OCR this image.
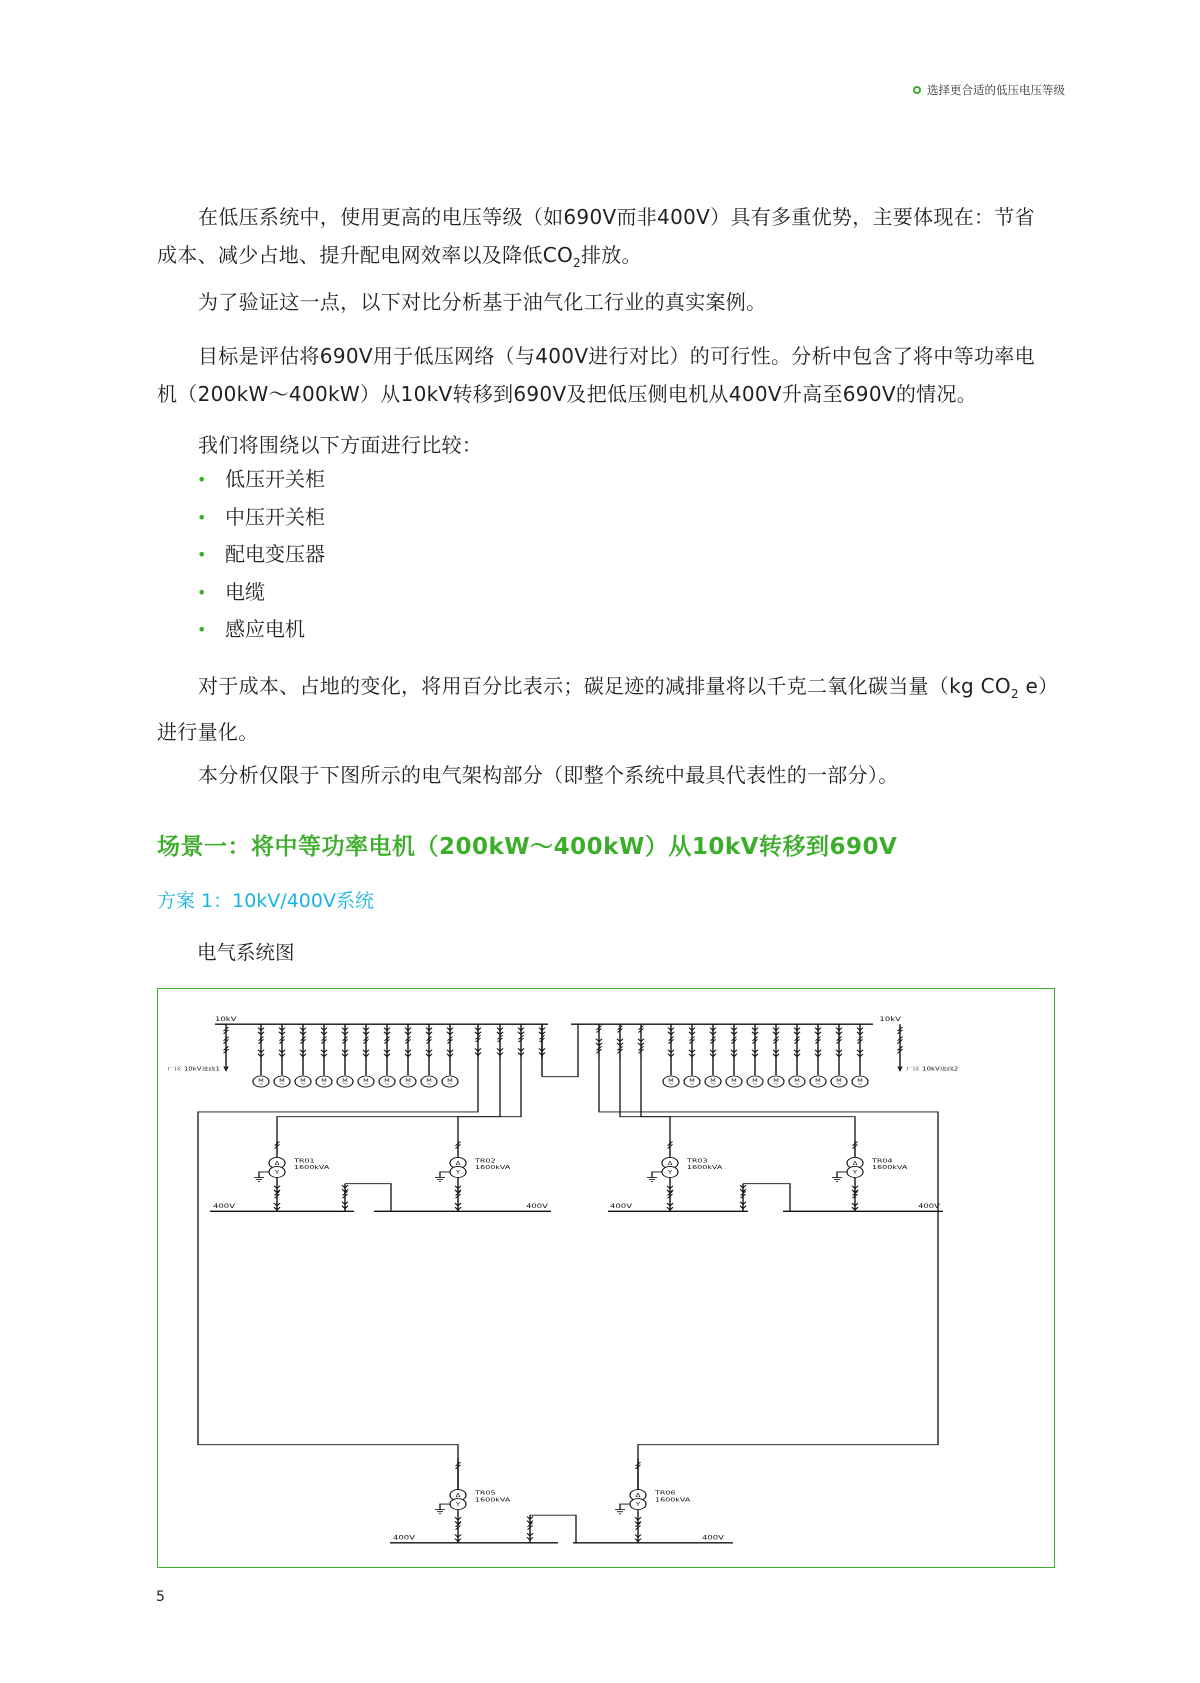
选择更合适的低压电压等级
在低压系统中，使用更高的电压等级（如690V而非400V）具有多重优势，主要体现在：节省成本、减少占地、提升配电网效率以及降低$CO_2$排放。
为了验证这一点，以下对比分析基于油气化工行业的真实案例。
目标是评估将690V用于低压网络（与400V进行对比）的可行性。分析中包含了将中等功率电机（200kW～400kW）从10kV转移到690V及把低压侧电机从400V升高至690V的情况。
我们将围绕以下方面进行比较：
• 低压开关柜
• 中压开关柜
• 配电变压器
• 电缆
• 感应电机
对于成本、占地的变化，将用百分比表示；碳足迹的减排量将以千克二氧化碳当量（kg $CO_2$ e）进行量化。
本分析仅限于下图所示的电气架构部分（即整个系统中最具代表性的一部分）。
场景一：将中等功率电机（200kW～400kW）从10kV转移到690V
方案 1：10kV/400V系统
电气系统图
10kV	10kV
厂区 10kV进线1	厂区 10kV进线2
M
~
M
~
M
~
M
~
M
~
M
~
M
~
M
~
M
~
M
~
M
~
M
~
M
~
M
~
M
~
M
~
M
~
M
~
M
~
M
~
Δ
Y
TR01
1600kVA
Δ
Y
TR02
1600kVA
Δ
Y
TR03
1600kVA
Δ
Y
TR04
1600kVA
400V	400V	400V	400V
Δ
Y
TR05
1600kVA
Δ
Y
TR06
1600kVA
400V	400V
5
